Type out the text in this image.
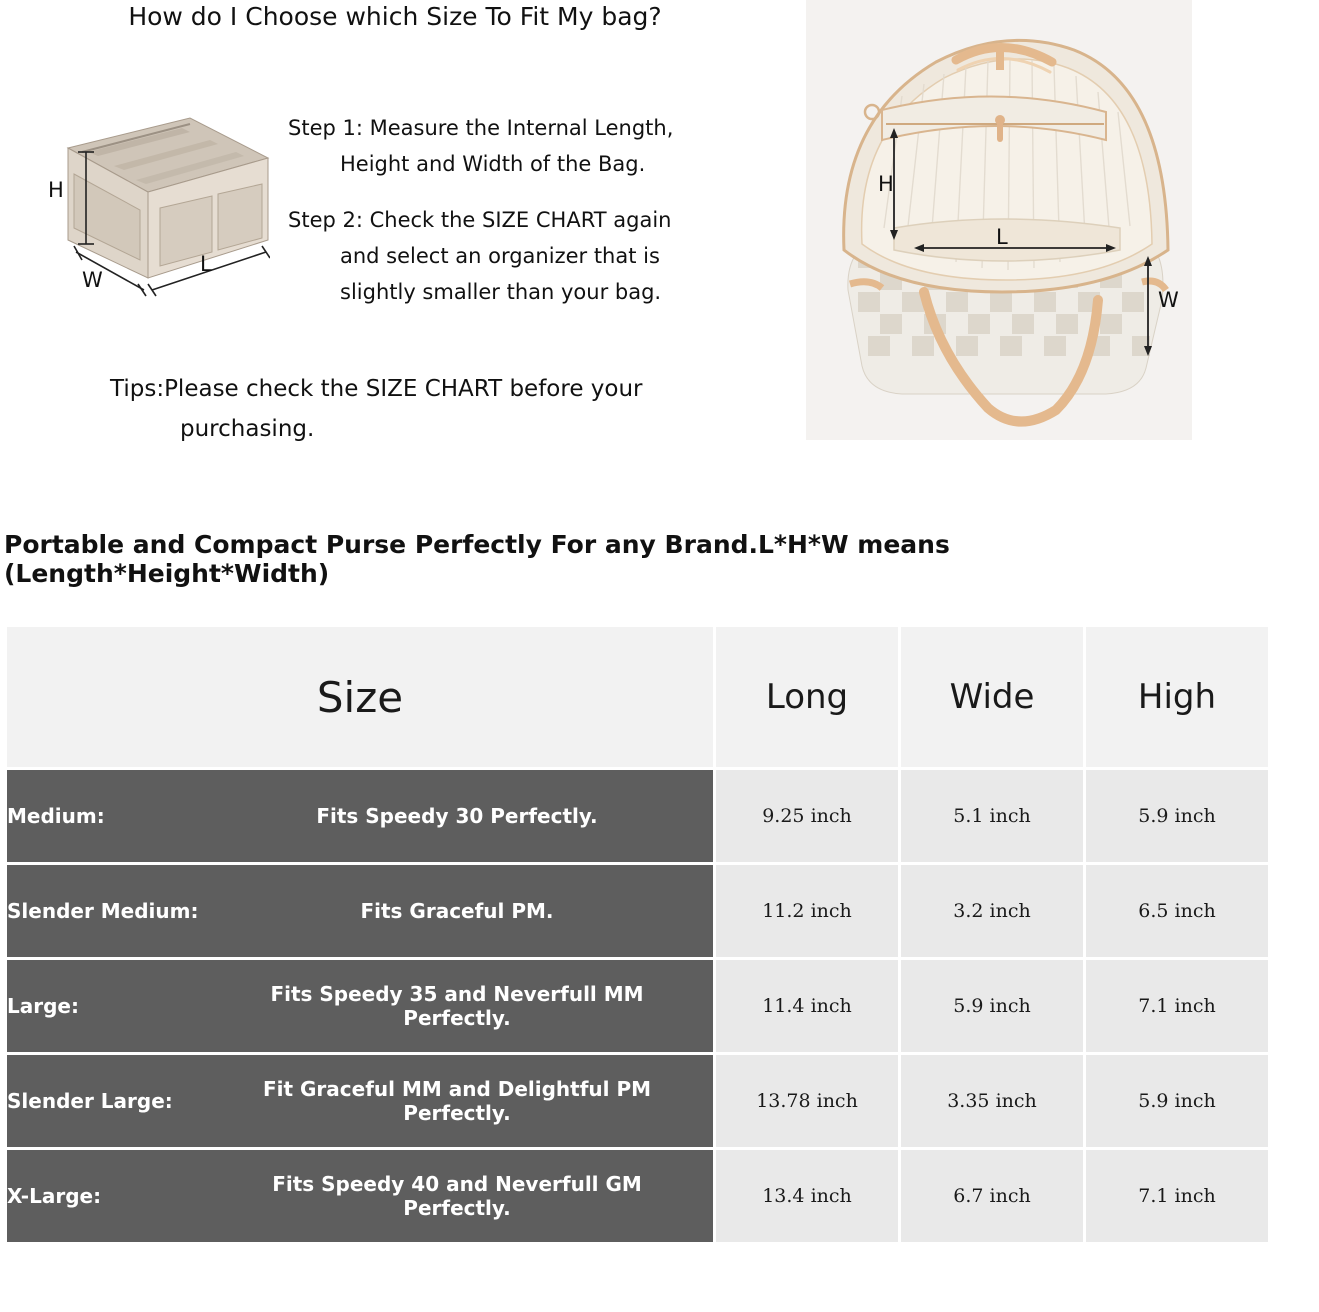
How do I Choose which Size To Fit My bag?
H
W
L
Step 1: Measure the Internal Length,
Height and Width of the Bag.
Step 2: Check the SIZE CHART again
and select an organizer that is
slightly smaller than your bag.
Tips:Please check the SIZE CHART before your
purchasing.
H
L
W
Portable and Compact Purse Perfectly For any Brand.L*H*W means (Length*Height*Width)
Size	Long	Wide	High

Medium: Fits Speedy 30 Perfectly.	9.25 inch	5.1 inch	5.9 inch

Slender Medium: Fits Graceful PM.	11.2 inch	3.2 inch	6.5 inch

Large: Fits Speedy 35 and Neverfull MM Perfectly.	11.4 inch	5.9 inch	7.1 inch

Slender Large: Fit Graceful MM and Delightful PM Perfectly.	13.78 inch	3.35 inch	5.9 inch

X-Large: Fits Speedy 40 and Neverfull GM Perfectly.	13.4 inch	6.7 inch	7.1 inch
